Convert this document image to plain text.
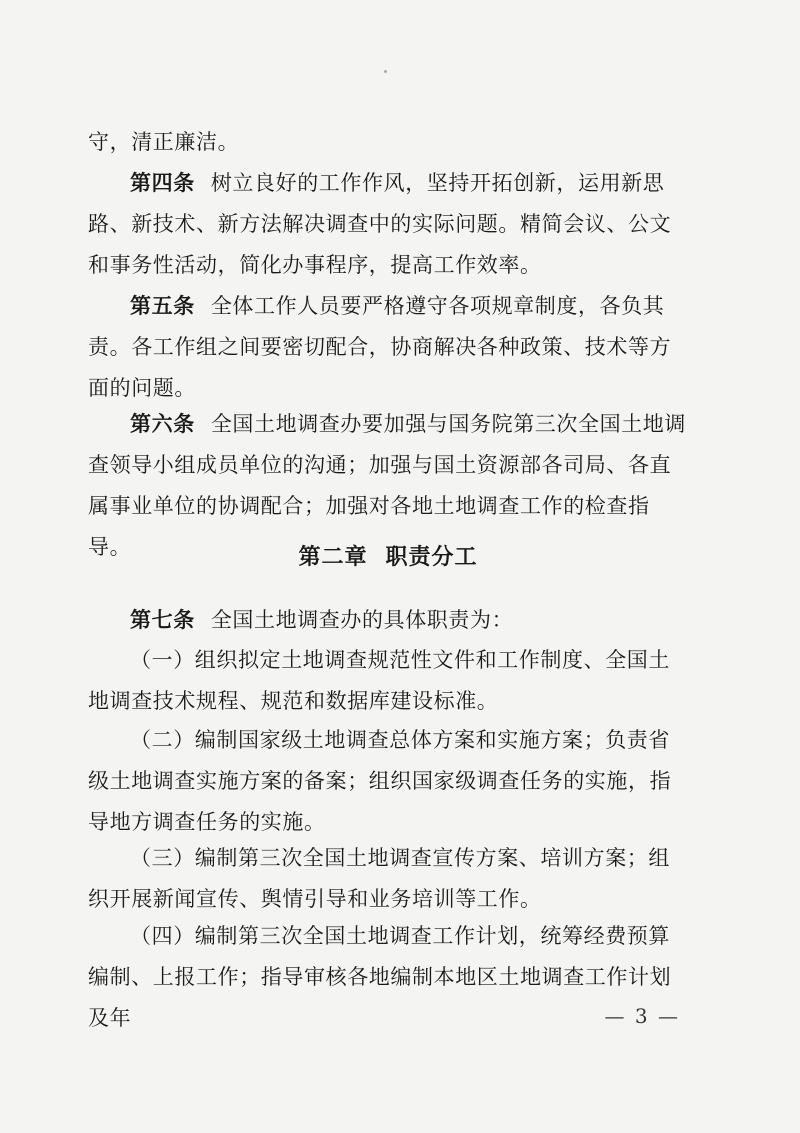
守，清正廉洁。
第四条 树立良好的工作作风，坚持开拓创新，运用新思路、新技术、新方法解决调查中的实际问题。精简会议、公文和事务性活动，简化办事程序，提高工作效率。
第五条 全体工作人员要严格遵守各项规章制度，各负其责。各工作组之间要密切配合，协商解决各种政策、技术等方面的问题。
第六条 全国土地调查办要加强与国务院第三次全国土地调查领导小组成员单位的沟通；加强与国土资源部各司局、各直属事业单位的协调配合；加强对各地土地调查工作的检查指导。	第二章 职责分工
第七条 全国土地调查办的具体职责为：
（一）组织拟定土地调查规范性文件和工作制度、全国土地调查技术规程、规范和数据库建设标准。
（二）编制国家级土地调查总体方案和实施方案；负责省级土地调查实施方案的备案；组织国家级调查任务的实施，指导地方调查任务的实施。
（三）编制第三次全国土地调查宣传方案、培训方案；组织开展新闻宣传、舆情引导和业务培训等工作。
（四）编制第三次全国土地调查工作计划，统筹经费预算编制、上报工作；指导审核各地编制本地区土地调查工作计划及年	— 3 —
